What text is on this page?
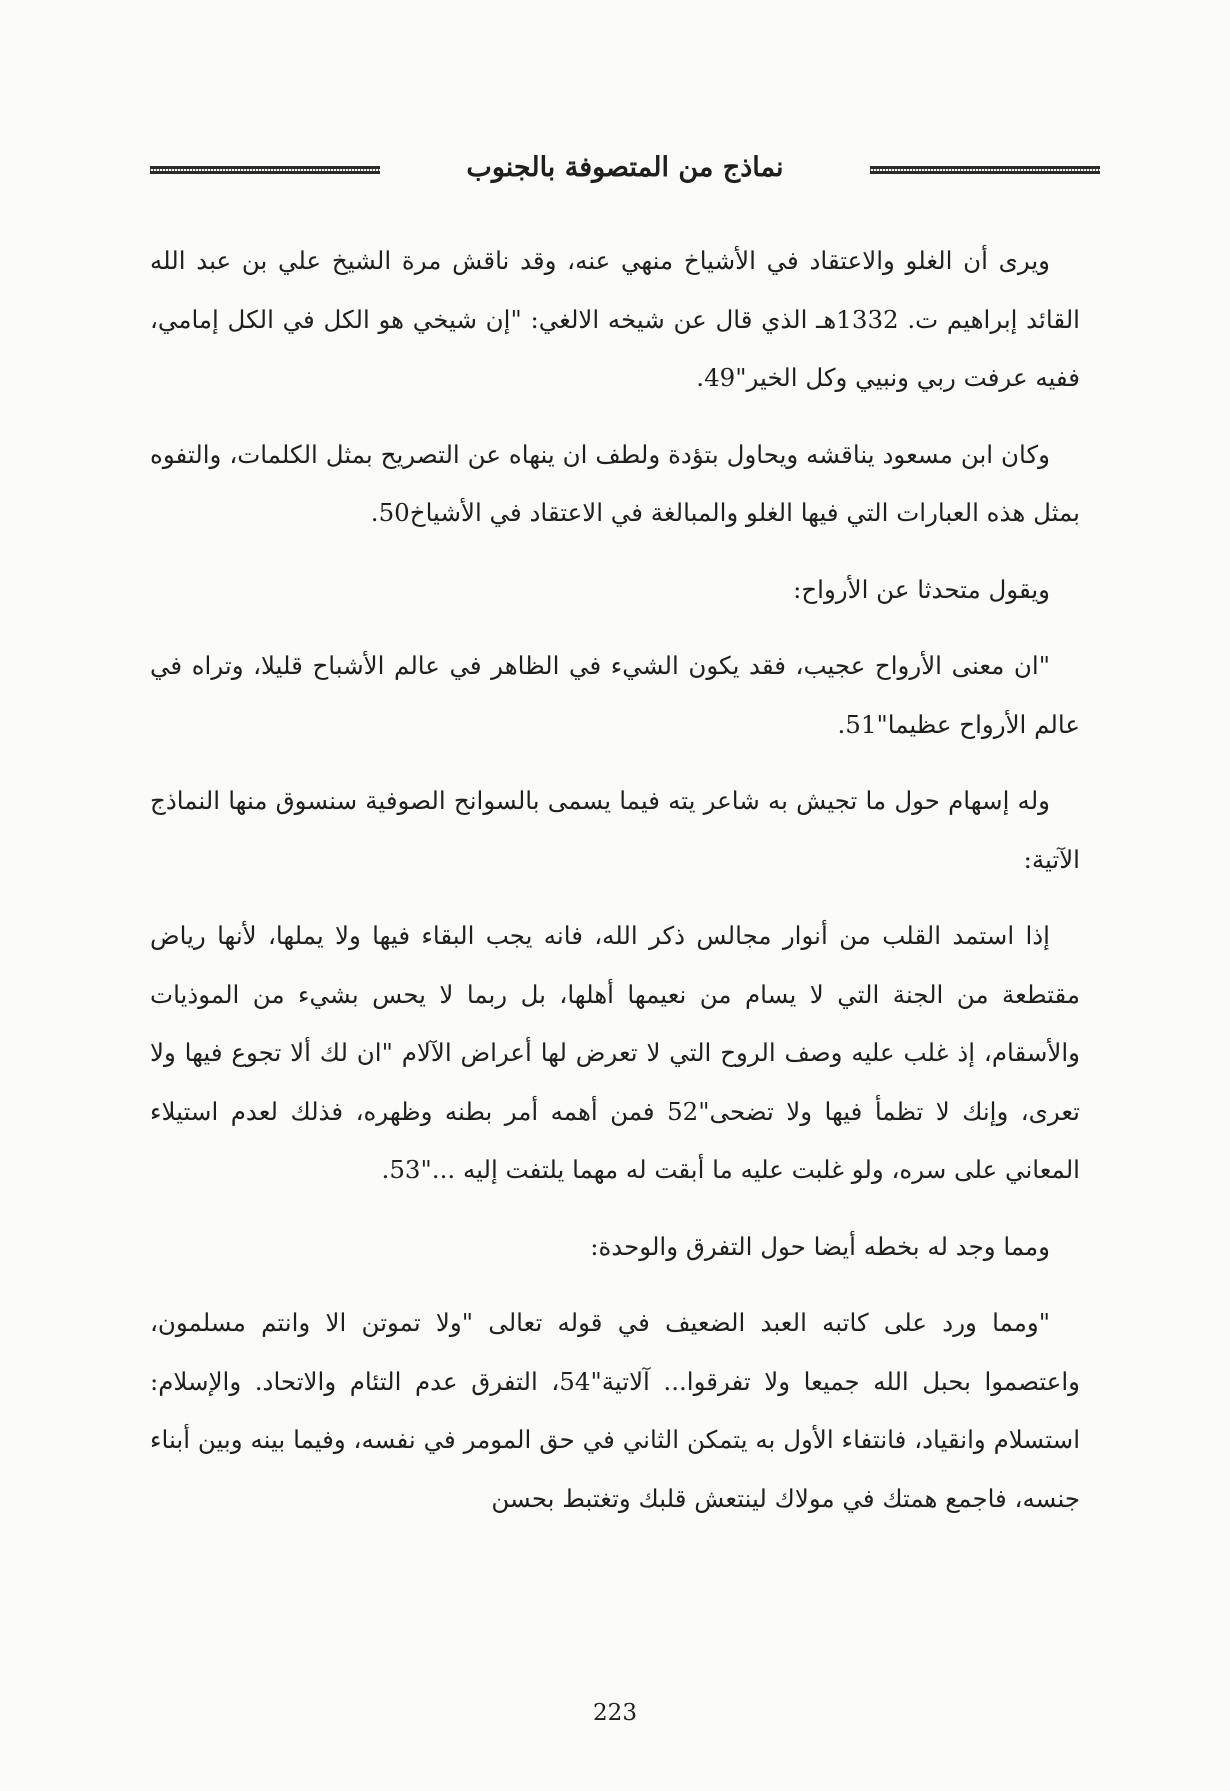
نماذج من المتصوفة بالجنوب

ويرى أن الغلو والاعتقاد في الأشياخ منهي عنه، وقد ناقش مرة الشيخ علي بن عبد الله القائد إبراهيم ت. 1332هـ الذي قال عن شيخه الالغي: "إن شيخي هو الكل في الكل إمامي، ففيه عرفت ربي ونبيي وكل الخير"49.

وكان ابن مسعود يناقشه ويحاول بتؤدة ولطف ان ينهاه عن التصريح بمثل الكلمات، والتفوه بمثل هذه العبارات التي فيها الغلو والمبالغة في الاعتقاد في الأشياخ50.

ويقول متحدثا عن الأرواح:

"ان معنى الأرواح عجيب، فقد يكون الشيء في الظاهر في عالم الأشباح قليلا، وتراه في عالم الأرواح عظيما"51.

وله إسهام حول ما تجيش به شاعر يته فيما يسمى بالسوانح الصوفية سنسوق منها النماذج الآتية:

إذا استمد القلب من أنوار مجالس ذكر الله، فانه يجب البقاء فيها ولا يملها، لأنها رياض مقتطعة من الجنة التي لا يسام من نعيمها أهلها، بل ربما لا يحس بشيء من الموذيات والأسقام، إذ غلب عليه وصف الروح التي لا تعرض لها أعراض الآلام "ان لك ألا تجوع فيها ولا تعرى، وإنك لا تظمأ فيها ولا تضحى"52 فمن أهمه أمر بطنه وظهره، فذلك لعدم استيلاء المعاني على سره، ولو غلبت عليه ما أبقت له مهما يلتفت إليه ..."53.

ومما وجد له بخطه أيضا حول التفرق والوحدة:

"ومما ورد على كاتبه العبد الضعيف في قوله تعالى "ولا تموتن الا وانتم مسلمون، واعتصموا بحبل الله جميعا ولا تفرقوا... آلاتية"54، التفرق عدم التئام والاتحاد. والإسلام: استسلام وانقياد، فانتفاء الأول به يتمكن الثاني في حق المومر في نفسه، وفيما بينه وبين أبناء جنسه، فاجمع همتك في مولاك لينتعش قلبك وتغتبط بحسن

223
